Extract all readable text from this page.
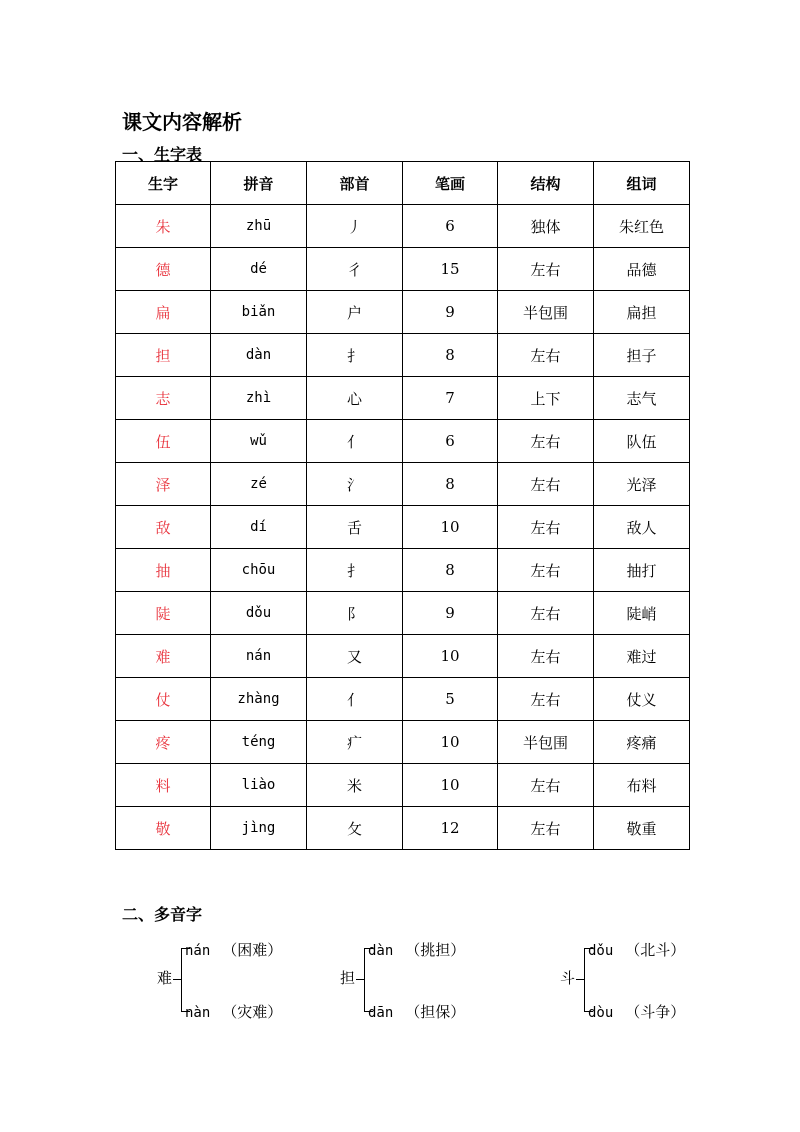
课文内容解析
一、生字表
生字	拼音	部首	笔画	结构	组词
朱	zhū	丿	6	独体	朱红色
德	dé	彳	15	左右	品德
扁	biǎn	户	9	半包围	扁担
担	dàn	扌	8	左右	担子
志	zhì	心	7	上下	志气
伍	wǔ	亻	6	左右	队伍
泽	zé	氵	8	左右	光泽
敌	dí	舌	10	左右	敌人
抽	chōu	扌	8	左右	抽打
陡	dǒu	阝	9	左右	陡峭
难	nán	又	10	左右	难过
仗	zhàng	亻	5	左右	仗义
疼	téng	疒	10	半包围	疼痛
料	liào	米	10	左右	布料
敬	jìng	攵	12	左右	敬重
二、多音字
难
nán （困难）
nàn （灾难）
担
dàn （挑担）
dān （担保）
斗
dǒu （北斗）
dòu （斗争）
